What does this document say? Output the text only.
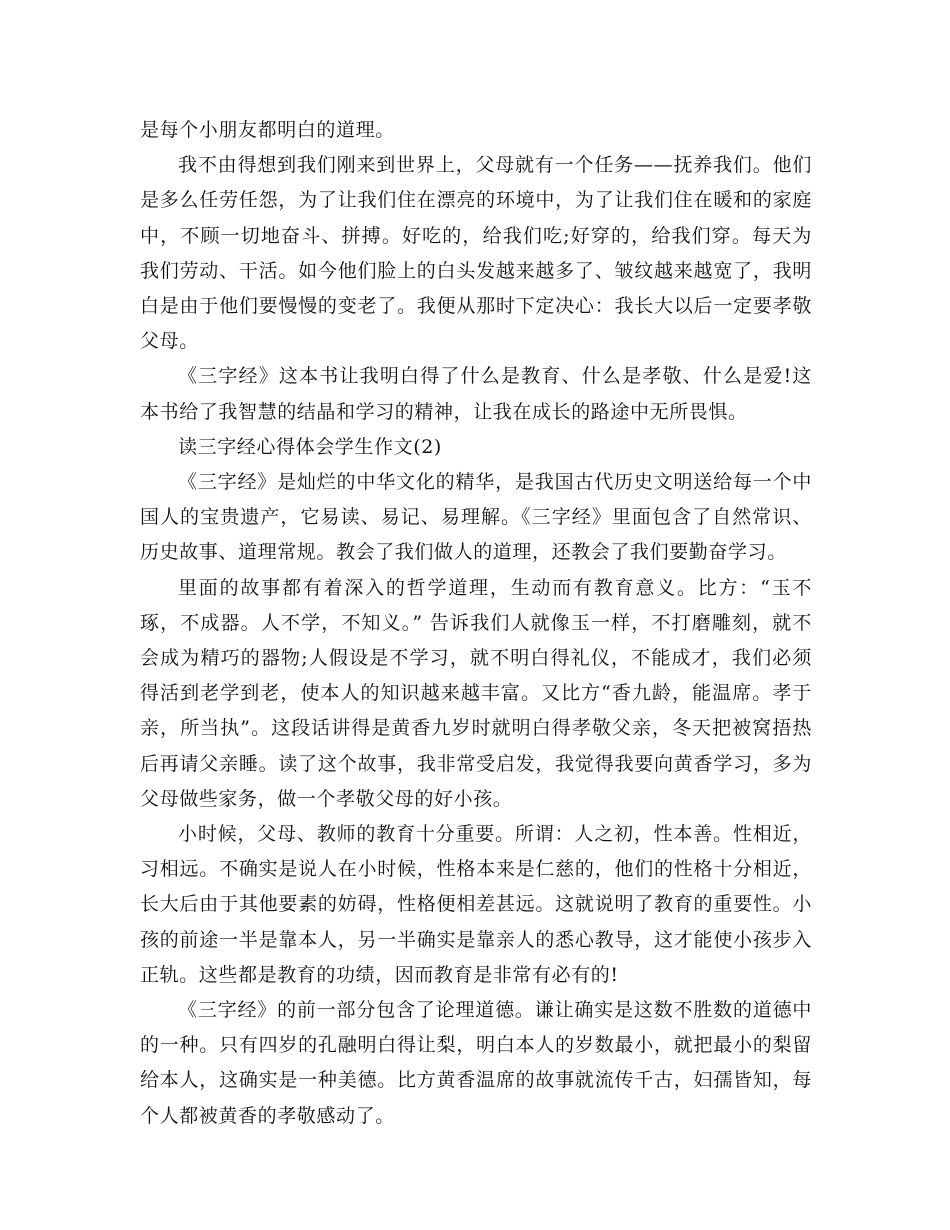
是每个小朋友都明白的道理。

我不由得想到我们刚来到世界上，父母就有一个任务——抚养我们。他们是多么任劳任怨，为了让我们住在漂亮的环境中，为了让我们住在暖和的家庭中，不顾一切地奋斗、拼搏。好吃的，给我们吃;好穿的，给我们穿。每天为我们劳动、干活。如今他们脸上的白头发越来越多了、皱纹越来越宽了，我明白是由于他们要慢慢的变老了。我便从那时下定决心：我长大以后一定要孝敬父母。

《三字经》这本书让我明白得了什么是教育、什么是孝敬、什么是爱!这本书给了我智慧的结晶和学习的精神，让我在成长的路途中无所畏惧。

读三字经心得体会学生作文(2)

《三字经》是灿烂的中华文化的精华，是我国古代历史文明送给每一个中国人的宝贵遗产，它易读、易记、易理解。《三字经》里面包含了自然常识、历史故事、道理常规。教会了我们做人的道理，还教会了我们要勤奋学习。

里面的故事都有着深入的哲学道理，生动而有教育意义。比方：“玉不琢，不成器。人不学，不知义。” 告诉我们人就像玉一样，不打磨雕刻，就不会成为精巧的器物;人假设是不学习，就不明白得礼仪，不能成才，我们必须得活到老学到老，使本人的知识越来越丰富。又比方“香九龄，能温席。孝于亲，所当执”。这段话讲得是黄香九岁时就明白得孝敬父亲，冬天把被窝捂热后再请父亲睡。读了这个故事，我非常受启发，我觉得我要向黄香学习，多为父母做些家务，做一个孝敬父母的好小孩。

小时候，父母、教师的教育十分重要。所谓：人之初，性本善。性相近，习相远。不确实是说人在小时候，性格本来是仁慈的，他们的性格十分相近，长大后由于其他要素的妨碍，性格便相差甚远。这就说明了教育的重要性。小孩的前途一半是靠本人，另一半确实是靠亲人的悉心教导，这才能使小孩步入正轨。这些都是教育的功绩，因而教育是非常有必有的!

《三字经》的前一部分包含了论理道德。谦让确实是这数不胜数的道德中的一种。只有四岁的孔融明白得让梨，明白本人的岁数最小，就把最小的梨留给本人，这确实是一种美德。比方黄香温席的故事就流传千古，妇孺皆知，每个人都被黄香的孝敬感动了。
